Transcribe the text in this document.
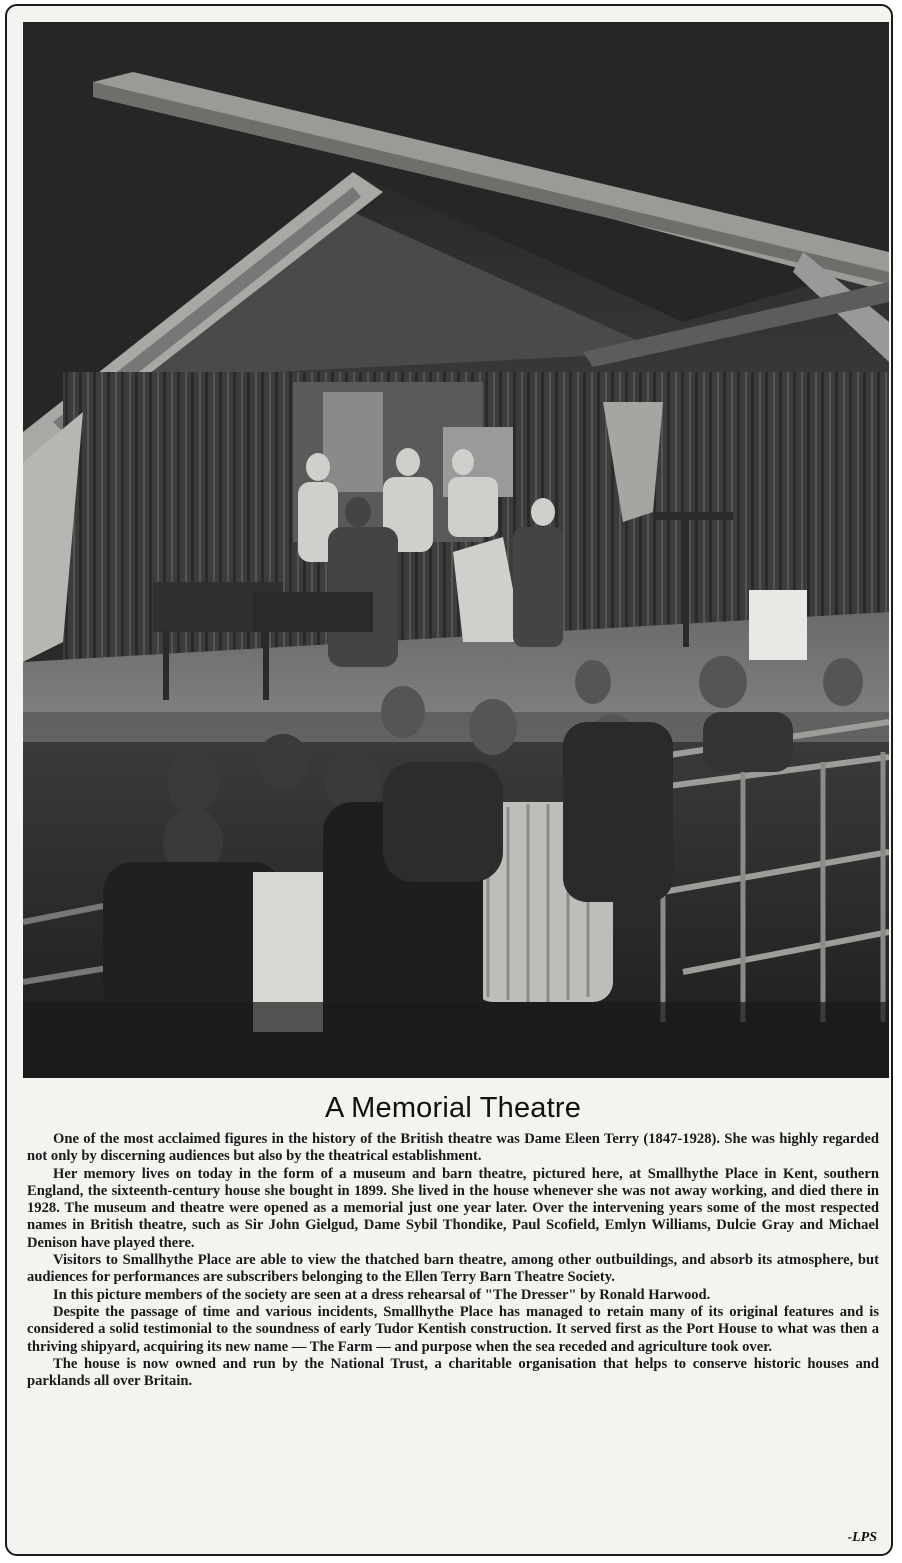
A Memorial Theatre

One of the most acclaimed figures in the history of the British theatre was Dame Eleen Terry (1847-1928). She was highly regarded not only by discerning audiences but also by the theatrical establishment.

Her memory lives on today in the form of a museum and barn theatre, pictured here, at Smallhythe Place in Kent, southern England, the sixteenth-century house she bought in 1899. She lived in the house whenever she was not away working, and died there in 1928. The museum and theatre were opened as a memorial just one year later. Over the intervening years some of the most respected names in British theatre, such as Sir John Gielgud, Dame Sybil Thondike, Paul Scofield, Emlyn Williams, Dulcie Gray and Michael Denison have played there.

Visitors to Smallhythe Place are able to view the thatched barn theatre, among other outbuildings, and absorb its atmosphere, but audiences for performances are subscribers belonging to the Ellen Terry Barn Theatre Society.

In this picture members of the society are seen at a dress rehearsal of "The Dresser" by Ronald Harwood.

Despite the passage of time and various incidents, Smallhythe Place has managed to retain many of its original features and is considered a solid testimonial to the soundness of early Tudor Kentish construction. It served first as the Port House to what was then a thriving shipyard, acquiring its new name — The Farm — and purpose when the sea receded and agriculture took over.

The house is now owned and run by the National Trust, a charitable organisation that helps to conserve historic houses and parklands all over Britain.

-LPS
